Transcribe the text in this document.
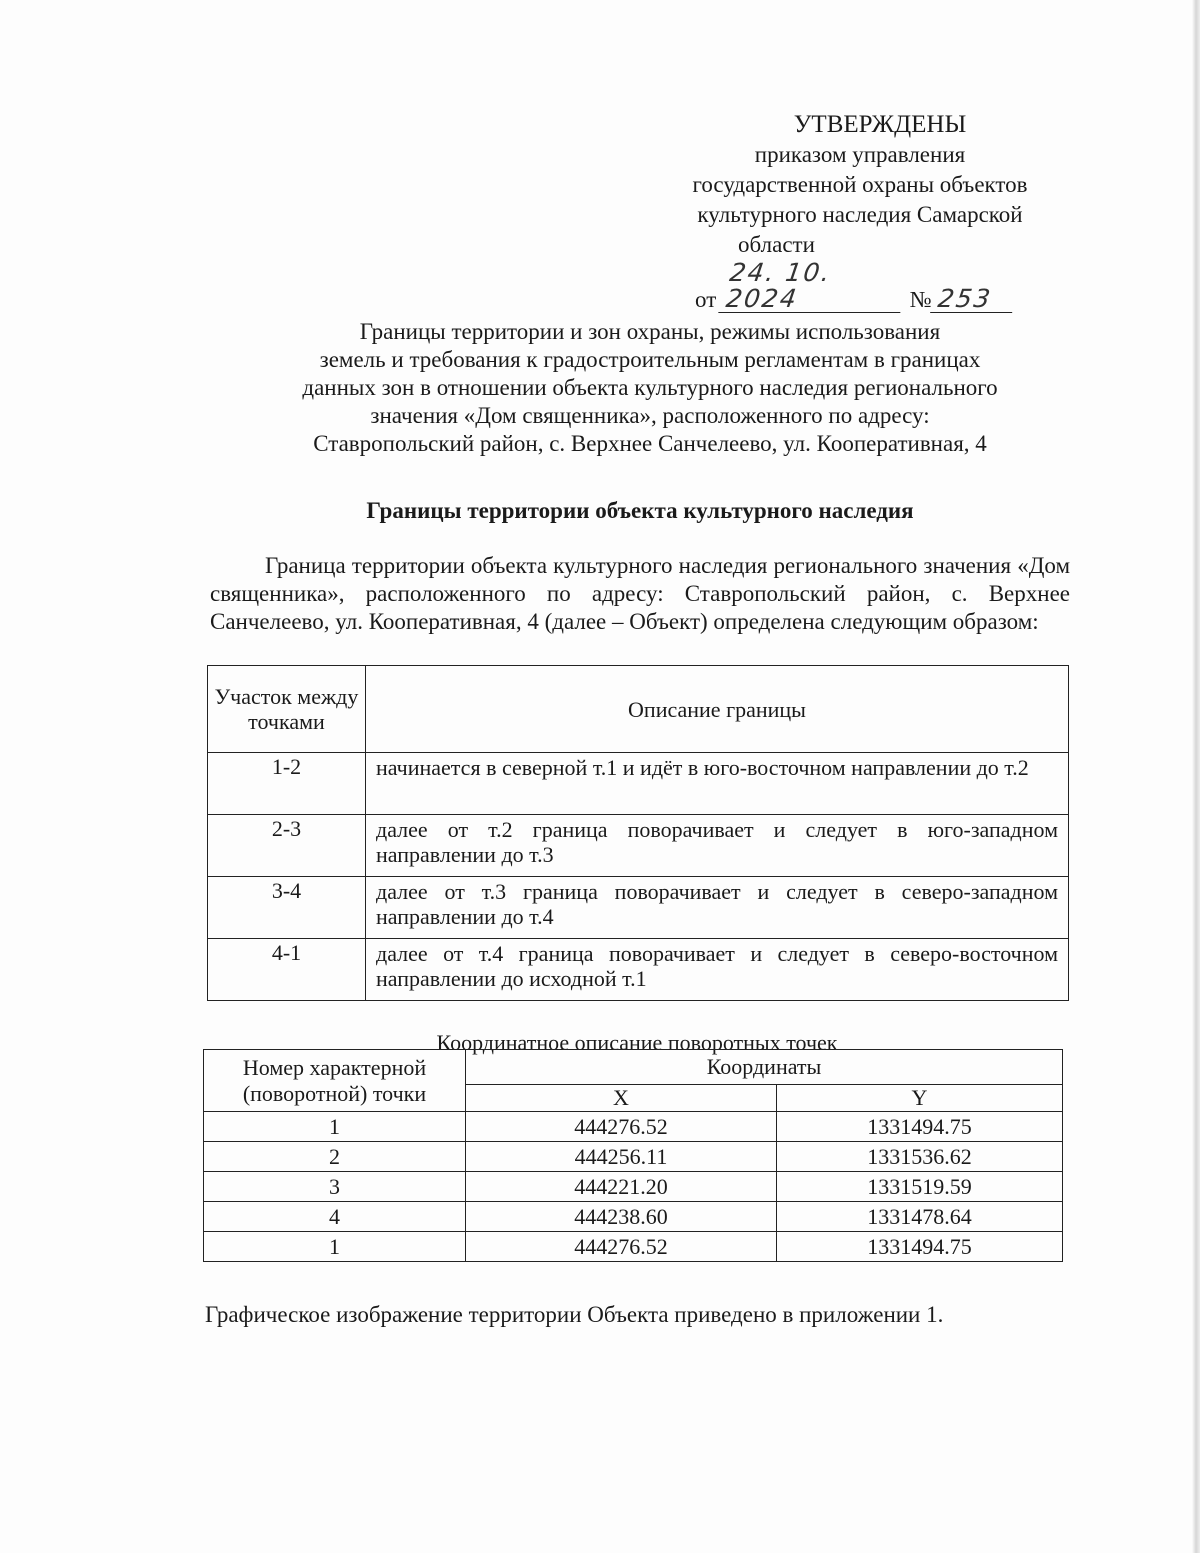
УТВЕРЖДЕНЫ
приказом управления
государственной охраны объектов
культурного наследия Самарской
области
от 24. 10. 2024	№ 253
Границы территории и зон охраны, режимы использования
земель и требования к градостроительным регламентам в границах
данных зон в отношении объекта культурного наследия регионального
значения «Дом священника», расположенного по адресу:
Ставропольский район, с. Верхнее Санчелеево, ул. Кооперативная, 4
Границы территории объекта культурного наследия
Граница территории объекта культурного наследия регионального значения «Дом священника», расположенного по адресу: Ставропольский район, с. Верхнее Санчелеево, ул. Кооперативная, 4 (далее – Объект) определена следующим образом:
Участок между точками	Описание границы
1-2	начинается в северной т.1 и идёт в юго-восточном направлении до т.2
2-3	далее от т.2 граница поворачивает и следует в юго-западном направлении до т.3
3-4	далее от т.3 граница поворачивает и следует в северо-западном направлении до т.4
4-1	далее от т.4 граница поворачивает и следует в северо-восточном направлении до исходной т.1
Координатное описание поворотных точек
Номер характерной (поворотной) точки	Координаты	
	X	Y
1	444276.52	1331494.75
2	444256.11	1331536.62
3	444221.20	1331519.59
4	444238.60	1331478.64
1	444276.52	1331494.75
Графическое изображение территории Объекта приведено в приложении 1.
